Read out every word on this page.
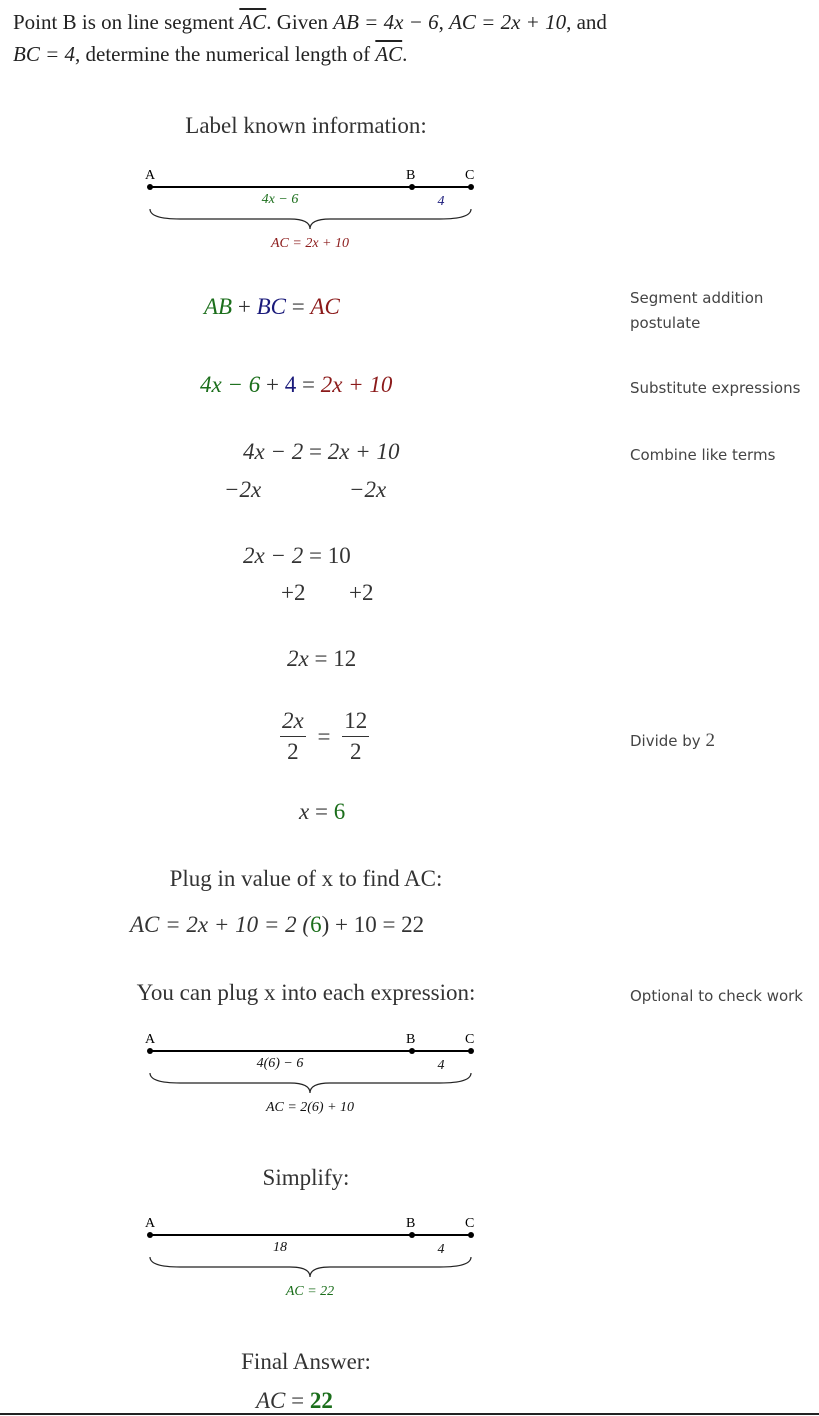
Point B is on line segment $\overline{AC}$. Given AB = 4x − 6, AC = 2x + 10, and
BC = 4, determine the numerical length of $\overline{AC}$.
Label known information:
A	B	C
4x − 6	4
AC = 2x + 10
AB + BC = AC	Segment addition postulate
4x − 6 + 4 = 2x + 10	Substitute expressions
4x − 2 = 2x + 10
−2x	−2x
Combine like terms
2x − 2 = 10
+2 +2
2x = 12
$\frac{2x}{2} = \frac{12}{2}$	Divide by 2
x = 6
Plug in value of x to find AC:
AC = 2x + 10 = 2 (6) + 10 = 22
You can plug x into each expression:	Optional to check work
A	B	C
4(6) − 6	4
AC = 2(6) + 10
Simplify:
A	B	C
18	4
AC = 22
Final Answer:
AC = 22
